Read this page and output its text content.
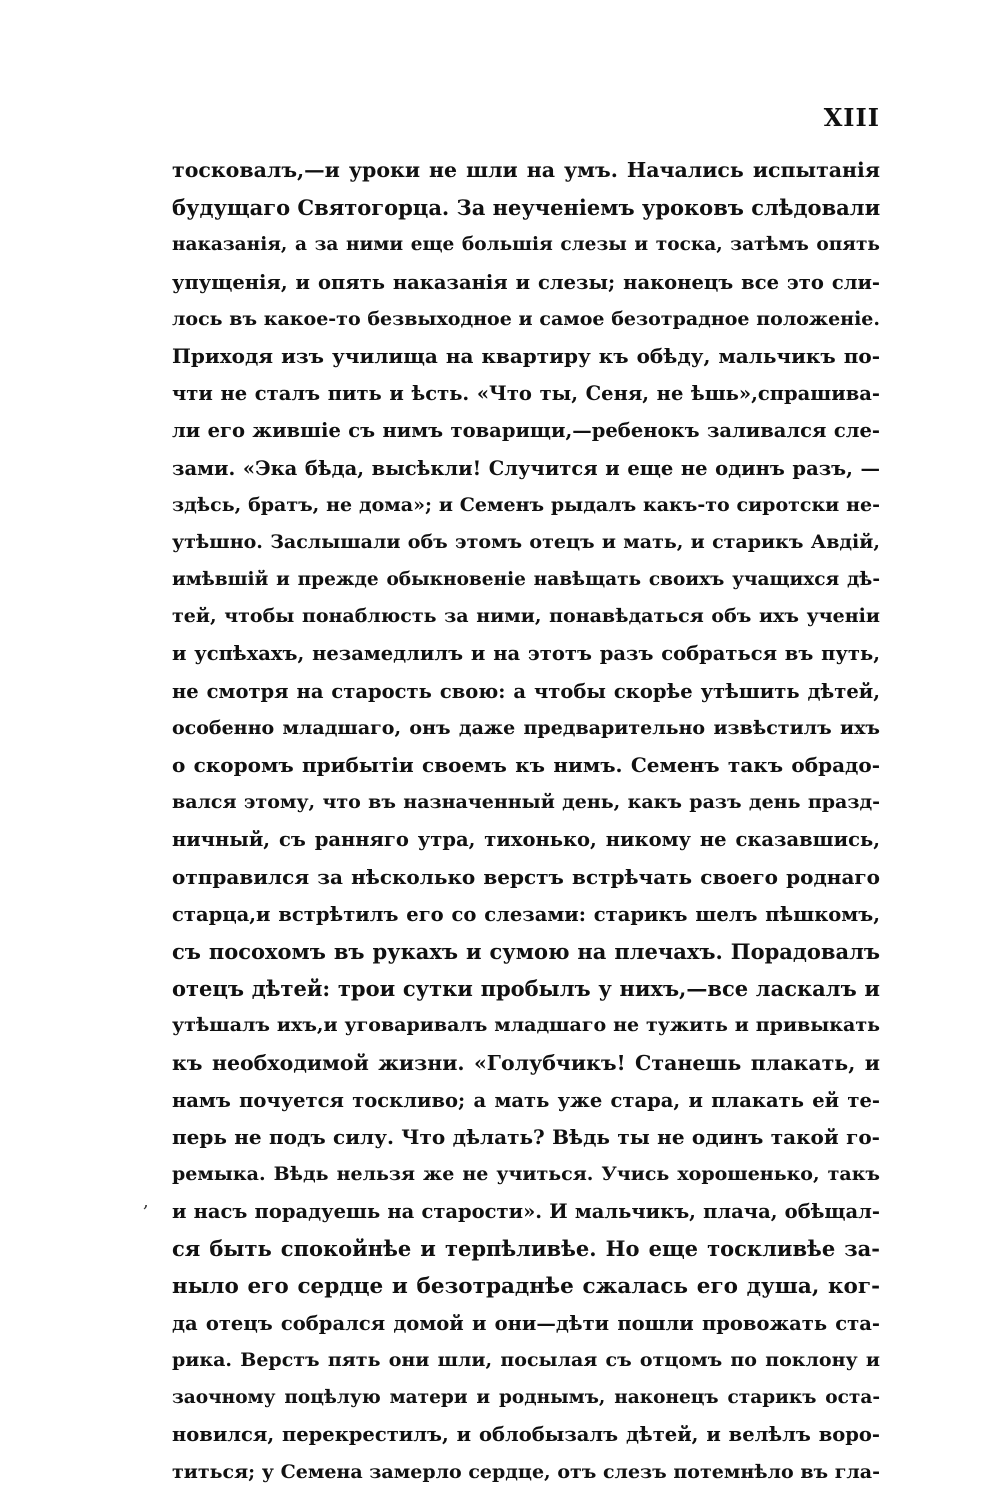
XIII
,
тосковалъ,—и уроки не шли на умъ. Начались испытанія
будущаго Святогорца. За неученіемъ уроковъ слѣдовали
наказанія, а за ними еще большія слезы и тоска, затѣмъ опять
упущенія, и опять наказанія и слезы; наконецъ все это сли-
лось въ какое-то безвыходное и самое безотрадное положеніе.
Приходя изъ училища на квартиру къ обѣду, мальчикъ по-
чти не сталъ пить и ѣсть. «Что ты, Сеня, не ѣшь»,спрашива-
ли его жившіе съ нимъ товарищи,—ребенокъ заливался сле-
зами. «Эка бѣда, высѣкли! Случится и еще не одинъ разъ, —
здѣсь, братъ, не дома»; и Семенъ рыдалъ какъ-то сиротски не-
утѣшно. Заслышали объ этомъ отецъ и мать, и старикъ Авдій,
имѣвшій и прежде обыкновеніе навѣщать своихъ учащихся дѣ-
тей, чтобы понаблюсть за ними, понавѣдаться объ ихъ ученіи
и успѣхахъ, незамедлилъ и на этотъ разъ собраться въ путь,
не смотря на старость свою: а чтобы скорѣе утѣшить дѣтей,
особенно младшаго, онъ даже предварительно извѣстилъ ихъ
о скоромъ прибытіи своемъ къ нимъ. Семенъ такъ обрадо-
вался этому, что въ назначенный день, какъ разъ день празд-
ничный, съ ранняго утра, тихонько, никому не сказавшись,
отправился за нѣсколько верстъ встрѣчать своего роднаго
старца,и встрѣтилъ его со слезами: старикъ шелъ пѣшкомъ,
съ посохомъ въ рукахъ и сумою на плечахъ. Порадовалъ
отецъ дѣтей: трои сутки пробылъ у нихъ,—все ласкалъ и
утѣшалъ ихъ,и уговаривалъ младшаго не тужить и привыкать
къ необходимой жизни. «Голубчикъ! Станешь плакать, и
намъ почуется тоскливо; а мать уже стара, и плакать ей те-
перь не подъ силу. Что дѣлать? Вѣдь ты не одинъ такой го-
ремыка. Вѣдь нельзя же не учиться. Учись хорошенько, такъ
и насъ порадуешь на старости». И мальчикъ, плача, обѣщал-
ся быть спокойнѣе и терпѣливѣе. Но еще тоскливѣе за-
ныло его сердце и безотраднѣе сжалась его душа, ког-
да отецъ собрался домой и они—дѣти пошли провожать ста-
рика. Верстъ пять они шли, посылая съ отцомъ по поклону и
заочному поцѣлую матери и роднымъ, наконецъ старикъ оста-
новился, перекрестилъ, и облобызалъ дѣтей, и велѣлъ воро-
титься; у Семена замерло сердце, отъ слезъ потемнѣло въ гла-
